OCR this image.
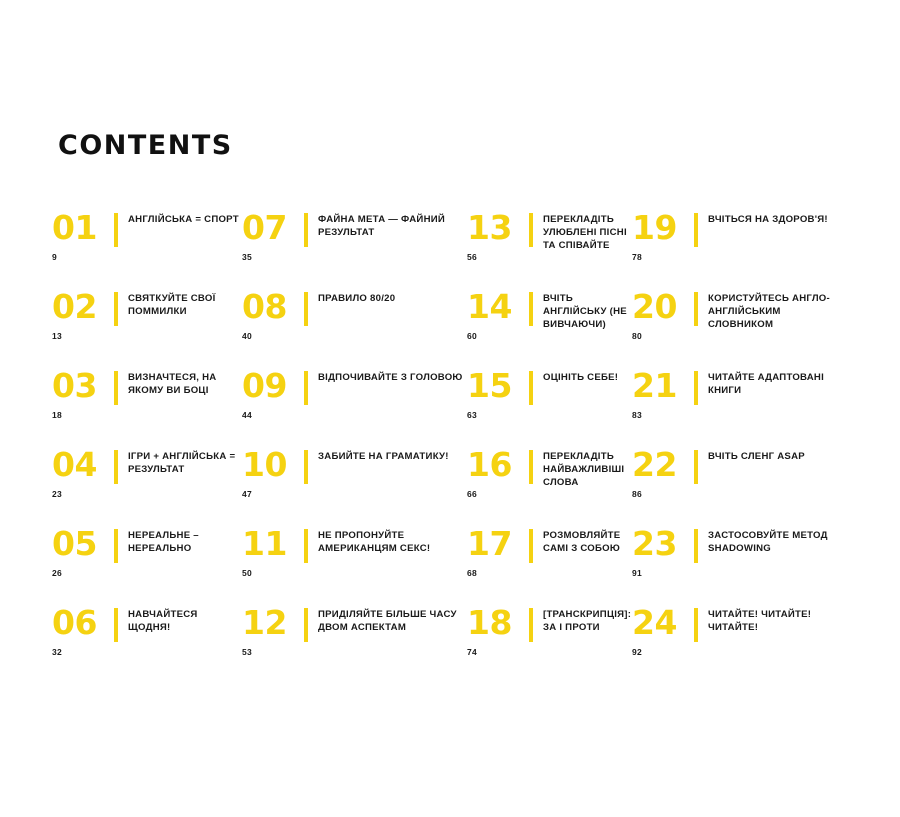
CONTENTS
01
9
АНГЛІЙСЬКА = СПОРТ
02
13
СВЯТКУЙТЕ СВОЇ ПОММИЛКИ
03
18
ВИЗНАЧТЕСЯ, НА ЯКОМУ ВИ БОЦІ
04
23
ІГРИ + АНГЛІЙСЬКА = РЕЗУЛЬТАТ
05
26
НЕРЕАЛЬНЕ – НЕРЕАЛЬНО
06
32
НАВЧАЙТЕСЯ ЩОДНЯ!
07
35
ФАЙНА МЕТА — ФАЙНИЙ РЕЗУЛЬТАТ
08
40
ПРАВИЛО 80/20
09
44
ВІДПОЧИВАЙТЕ З ГОЛОВОЮ
10
47
ЗАБИЙТЕ НА ГРАМАТИКУ!
11
50
НЕ ПРОПОНУЙТЕ АМЕРИКАНЦЯМ СЕКС!
12
53
ПРИДІЛЯЙТЕ БІЛЬШЕ ЧАСУ ДВОМ АСПЕКТАМ
13
56
ПЕРЕКЛАДІТЬ УЛЮБЛЕНІ ПІСНІ ТА СПІВАЙТЕ
14
60
ВЧІТЬ АНГЛІЙСЬКУ (НЕ ВИВЧАЮЧИ)
15
63
ОЦІНІТЬ СЕБЕ!
16
66
ПЕРЕКЛАДІТЬ НАЙВАЖЛИВІШІ СЛОВА
17
68
РОЗМОВЛЯЙТЕ САМІ З СОБОЮ
18
74
[ТРАНСКРИПЦІЯ]: ЗА І ПРОТИ
19
78
ВЧІТЬСЯ НА ЗДОРОВ'Я!
20
80
КОРИСТУЙТЕСЬ АНГЛО-АНГЛІЙСЬКИМ СЛОВНИКОМ
21
83
ЧИТАЙТЕ АДАПТОВАНІ КНИГИ
22
86
ВЧІТЬ СЛЕНГ ASAP
23
91
ЗАСТОСОВУЙТЕ МЕТОД SHADOWING
24
92
ЧИТАЙТЕ! ЧИТАЙТЕ! ЧИТАЙТЕ!
